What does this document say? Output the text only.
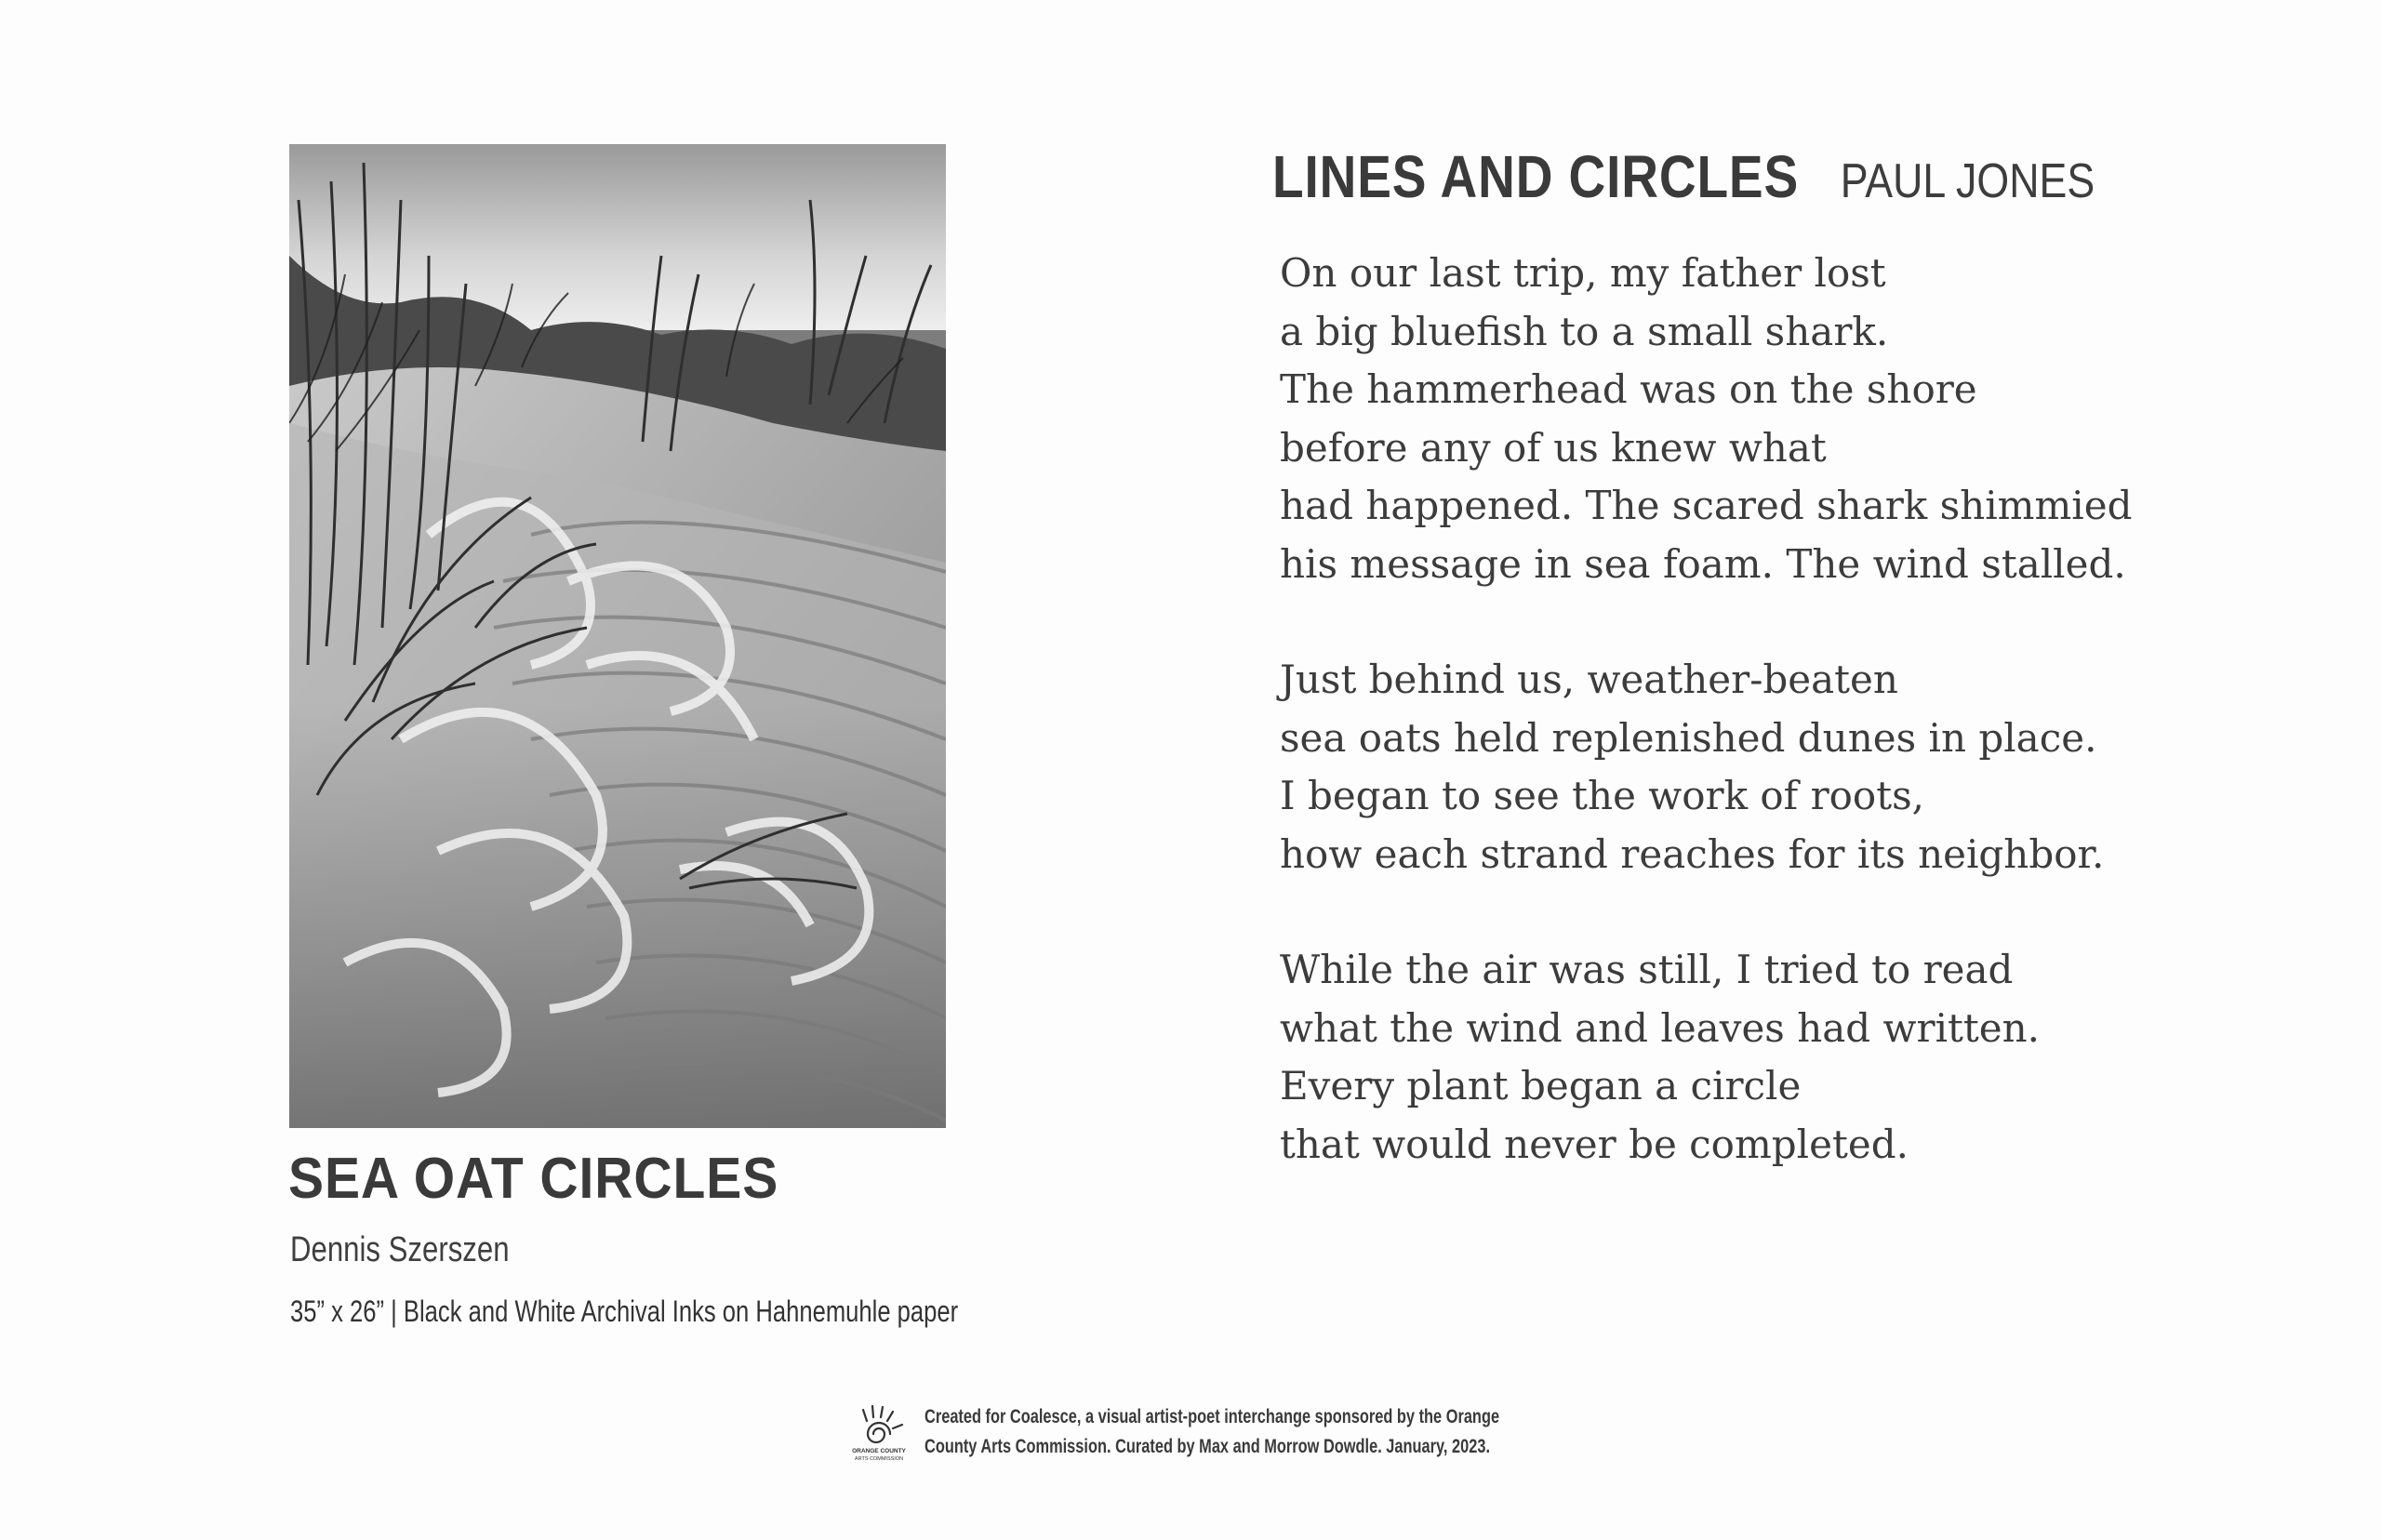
SEA OAT CIRCLES
Dennis Szerszen
35” x 26” | Black and White Archival Inks on Hahnemuhle paper
LINES AND CIRCLES PAUL JONES
On our last trip, my father lost
a big bluefish to a small shark.
The hammerhead was on the shore
before any of us knew what
had happened. The scared shark shimmied
his message in sea foam. The wind stalled.
Just behind us, weather-beaten
sea oats held replenished dunes in place.
I began to see the work of roots,
how each strand reaches for its neighbor.
While the air was still, I tried to read
what the wind and leaves had written.
Every plant began a circle
that would never be completed.
ORANGE COUNTY
ARTS COMMISSION
Created for Coalesce, a visual artist-poet interchange sponsored by the Orange
County Arts Commission. Curated by Max and Morrow Dowdle. January, 2023.
